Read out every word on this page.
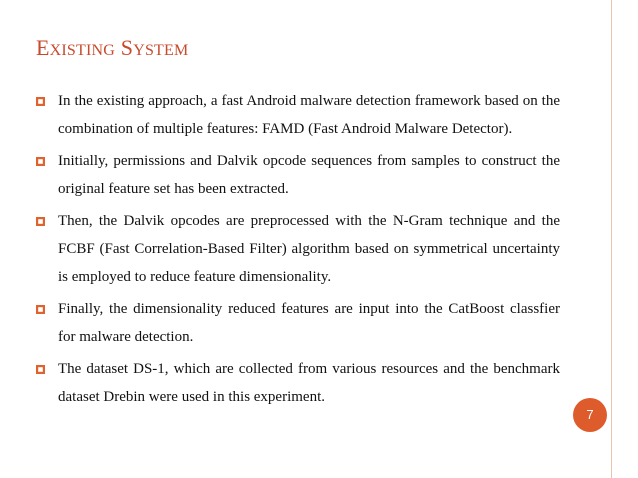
EXISTING SYSTEM
In the existing approach, a fast Android malware detection framework based on the combination of multiple features: FAMD (Fast Android Malware Detector).
Initially, permissions and Dalvik opcode sequences from samples to construct the original feature set has been extracted.
Then, the Dalvik opcodes are preprocessed with the N-Gram technique and the FCBF (Fast Correlation-Based Filter) algorithm based on symmetrical uncertainty is employed to reduce feature dimensionality.
Finally, the dimensionality reduced features are input into the CatBoost classfier for malware detection.
The dataset DS-1, which are collected from various resources and the benchmark dataset Drebin were used in this experiment.
7
